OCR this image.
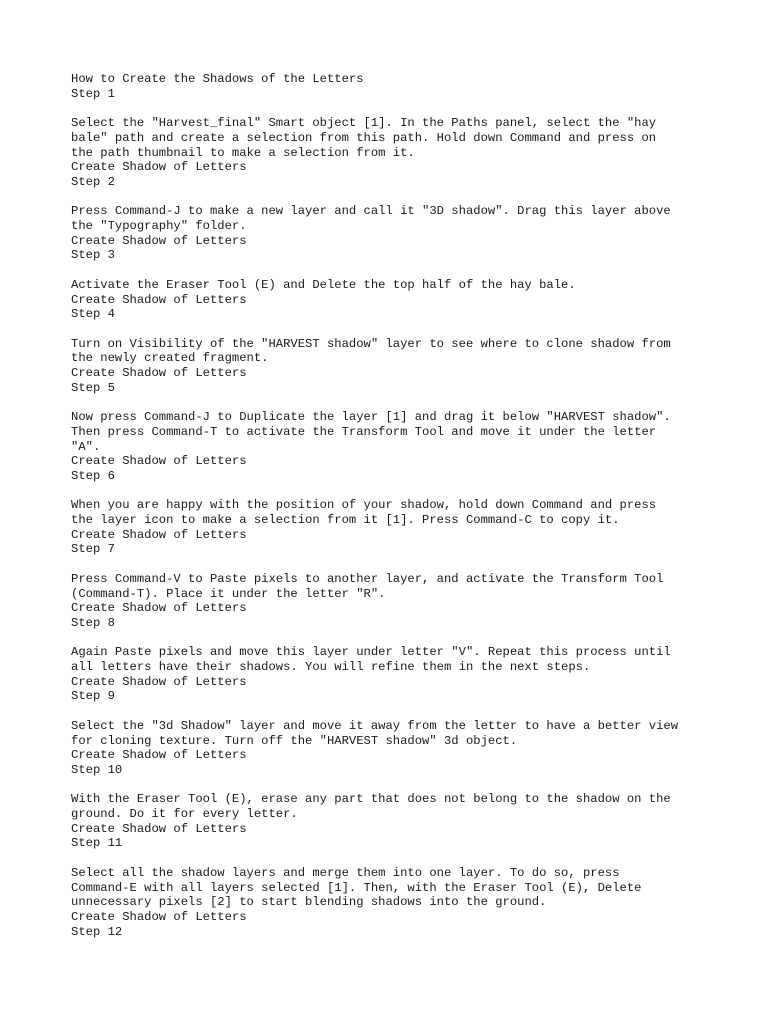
How to Create the Shadows of the Letters
Step 1
Select the "Harvest_final" Smart object [1]. In the Paths panel, select the "hay
bale" path and create a selection from this path. Hold down Command and press on
the path thumbnail to make a selection from it.
Create Shadow of Letters
Step 2
Press Command-J to make a new layer and call it "3D shadow". Drag this layer above
the "Typography" folder.
Create Shadow of Letters
Step 3
Activate the Eraser Tool (E) and Delete the top half of the hay bale.
Create Shadow of Letters
Step 4
Turn on Visibility of the "HARVEST shadow" layer to see where to clone shadow from
the newly created fragment.
Create Shadow of Letters
Step 5
Now press Command-J to Duplicate the layer [1] and drag it below "HARVEST shadow".
Then press Command-T to activate the Transform Tool and move it under the letter
"A".
Create Shadow of Letters
Step 6
When you are happy with the position of your shadow, hold down Command and press
the layer icon to make a selection from it [1]. Press Command-C to copy it.
Create Shadow of Letters
Step 7
Press Command-V to Paste pixels to another layer, and activate the Transform Tool
(Command-T). Place it under the letter "R".
Create Shadow of Letters
Step 8
Again Paste pixels and move this layer under letter "V". Repeat this process until
all letters have their shadows. You will refine them in the next steps.
Create Shadow of Letters
Step 9
Select the "3d Shadow" layer and move it away from the letter to have a better view
for cloning texture. Turn off the "HARVEST shadow" 3d object.
Create Shadow of Letters
Step 10
With the Eraser Tool (E), erase any part that does not belong to the shadow on the
ground. Do it for every letter.
Create Shadow of Letters
Step 11
Select all the shadow layers and merge them into one layer. To do so, press
Command-E with all layers selected [1]. Then, with the Eraser Tool (E), Delete
unnecessary pixels [2] to start blending shadows into the ground.
Create Shadow of Letters
Step 12
